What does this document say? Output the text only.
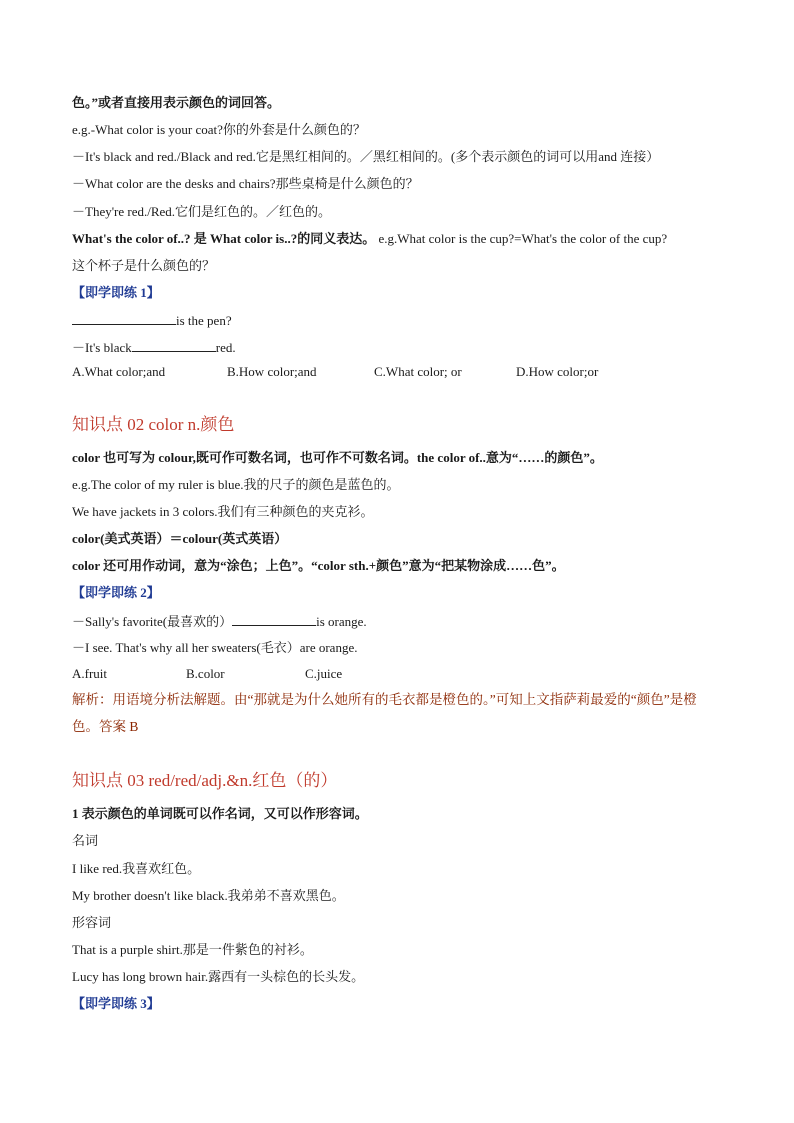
色。”或者直接用表示颜色的词回答。
e.g.-What color is your coat?你的外套是什么颜色的？
－It's black and red./Black and red.它是黑红相间的。／黑红相间的。(多个表示颜色的词可以用and 连接）
－What color are the desks and chairs?那些桌椅是什么颜色的？
－They're red./Red.它们是红色的。／红色的。
What's the color of..? 是 What color is..?的同义表达。 e.g.What color is the cup?=What's the color of the cup?
这个杯子是什么颜色的？
【即学即练 1】
is the pen?
－It's black	red.
A.What color;and	B.How color;and	C.What color; or	D.How color;or
知识点 02 color n.颜色
color 也可写为 colour,既可作可数名词，也可作不可数名词。the color of..意为“……的颜色”。
e.g.The color of my ruler is blue.我的尺子的颜色是蓝色的。
We have jackets in 3 colors.我们有三种颜色的夹克衫。
color(美式英语）＝colour(英式英语）
color 还可用作动词，意为“涂色；上色”。“color sth.+颜色”意为“把某物涂成……色”。
【即学即练 2】
－Sally's favorite(最喜欢的）	is orange.
－I see. That's why all her sweaters(毛衣）are orange.
A.fruit	B.color	C.juice
解析：用语境分析法解题。由“那就是为什么她所有的毛衣都是橙色的。”可知上文指萨莉最爱的“颜色”是橙
色。答案 B
知识点 03 red/red/adj.&n.红色（的）
1 表示颜色的单词既可以作名词，又可以作形容词。
名词
I like red.我喜欢红色。
My brother doesn't like black.我弟弟不喜欢黑色。
形容词
That is a purple shirt.那是一件紫色的衬衫。
Lucy has long brown hair.露西有一头棕色的长头发。
【即学即练 3】
